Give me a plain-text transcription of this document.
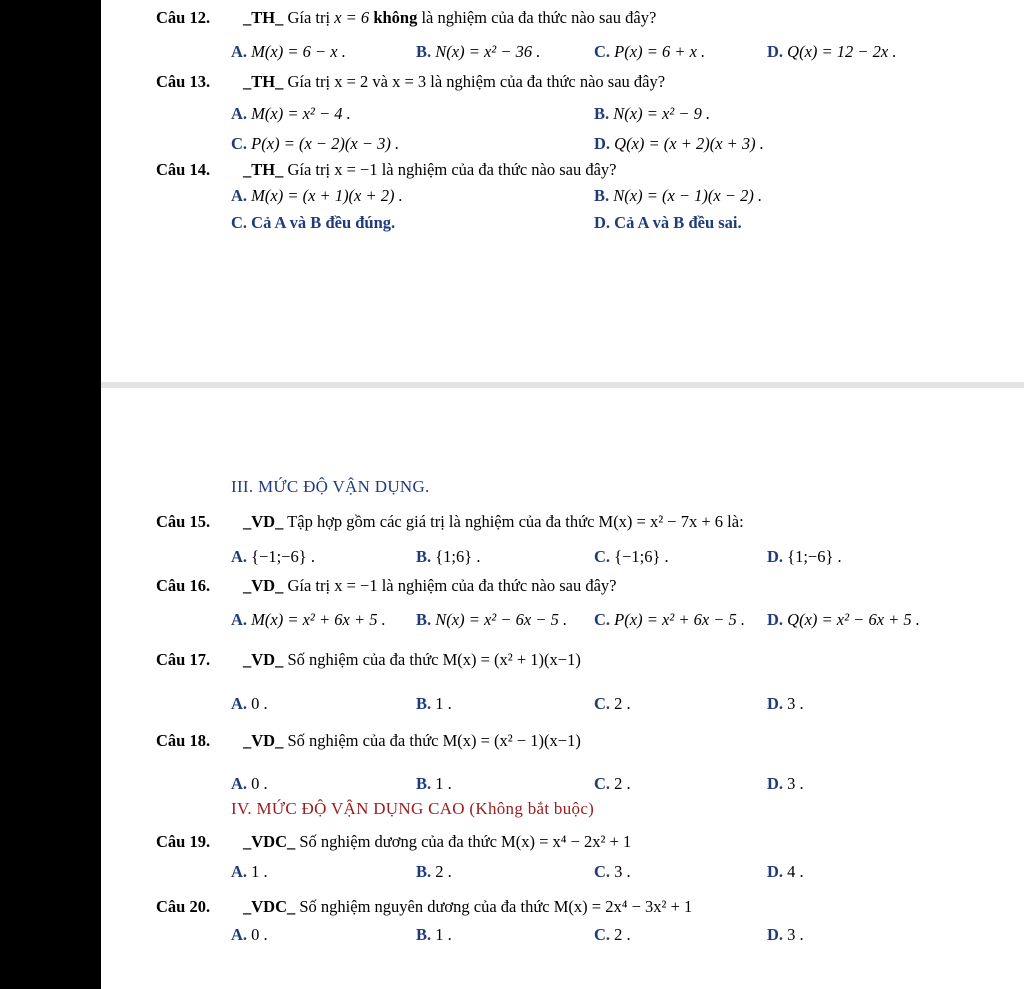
Câu 12. _TH_ Gía trị x = 6 không là nghiệm của đa thức nào sau đây?
A. M(x) = 6 − x .	B. N(x) = x² − 36 .	C. P(x) = 6 + x .	D. Q(x) = 12 − 2x .
Câu 13. _TH_ Gía trị x = 2 và x = 3 là nghiệm của đa thức nào sau đây?
A. M(x) = x² − 4 .	B. N(x) = x² − 9 .
C. P(x) = (x − 2)(x − 3) .	D. Q(x) = (x + 2)(x + 3) .
Câu 14. _TH_ Gía trị x = −1 là nghiệm của đa thức nào sau đây?
A. M(x) = (x + 1)(x + 2) .	B. N(x) = (x − 1)(x − 2) .
C. Cả A và B đều đúng.	D. Cả A và B đều sai.
III. MỨC ĐỘ VẬN DỤNG.
Câu 15. _VD_ Tập hợp gồm các giá trị là nghiệm của đa thức M(x) = x² − 7x + 6 là:
A. {−1;−6} .	B. {1;6} .	C. {−1;6} .	D. {1;−6} .
Câu 16. _VD_ Gía trị x = −1 là nghiệm của đa thức nào sau đây?
A. M(x) = x² + 6x + 5 . B. N(x) = x² − 6x − 5 . C. P(x) = x² + 6x − 5 . D. Q(x) = x² − 6x + 5 .
Câu 17. _VD_ Số nghiệm của đa thức M(x) = (x² + 1)(x−1)
A. 0 .	B. 1 .	C. 2 .	D. 3 .
Câu 18. _VD_ Số nghiệm của đa thức M(x) = (x² − 1)(x−1)
A. 0 .	B. 1 .	C. 2 .	D. 3 .
IV. MỨC ĐỘ VẬN DỤNG CAO (Không bắt buộc)
Câu 19. _VDC_ Số nghiệm dương của đa thức M(x) = x⁴ − 2x² + 1
A. 1 .	B. 2 .	C. 3 .	D. 4 .
Câu 20. _VDC_ Số nghiệm nguyên dương của đa thức M(x) = 2x⁴ − 3x² + 1
A. 0 .	B. 1 .	C. 2 .	D. 3 .
